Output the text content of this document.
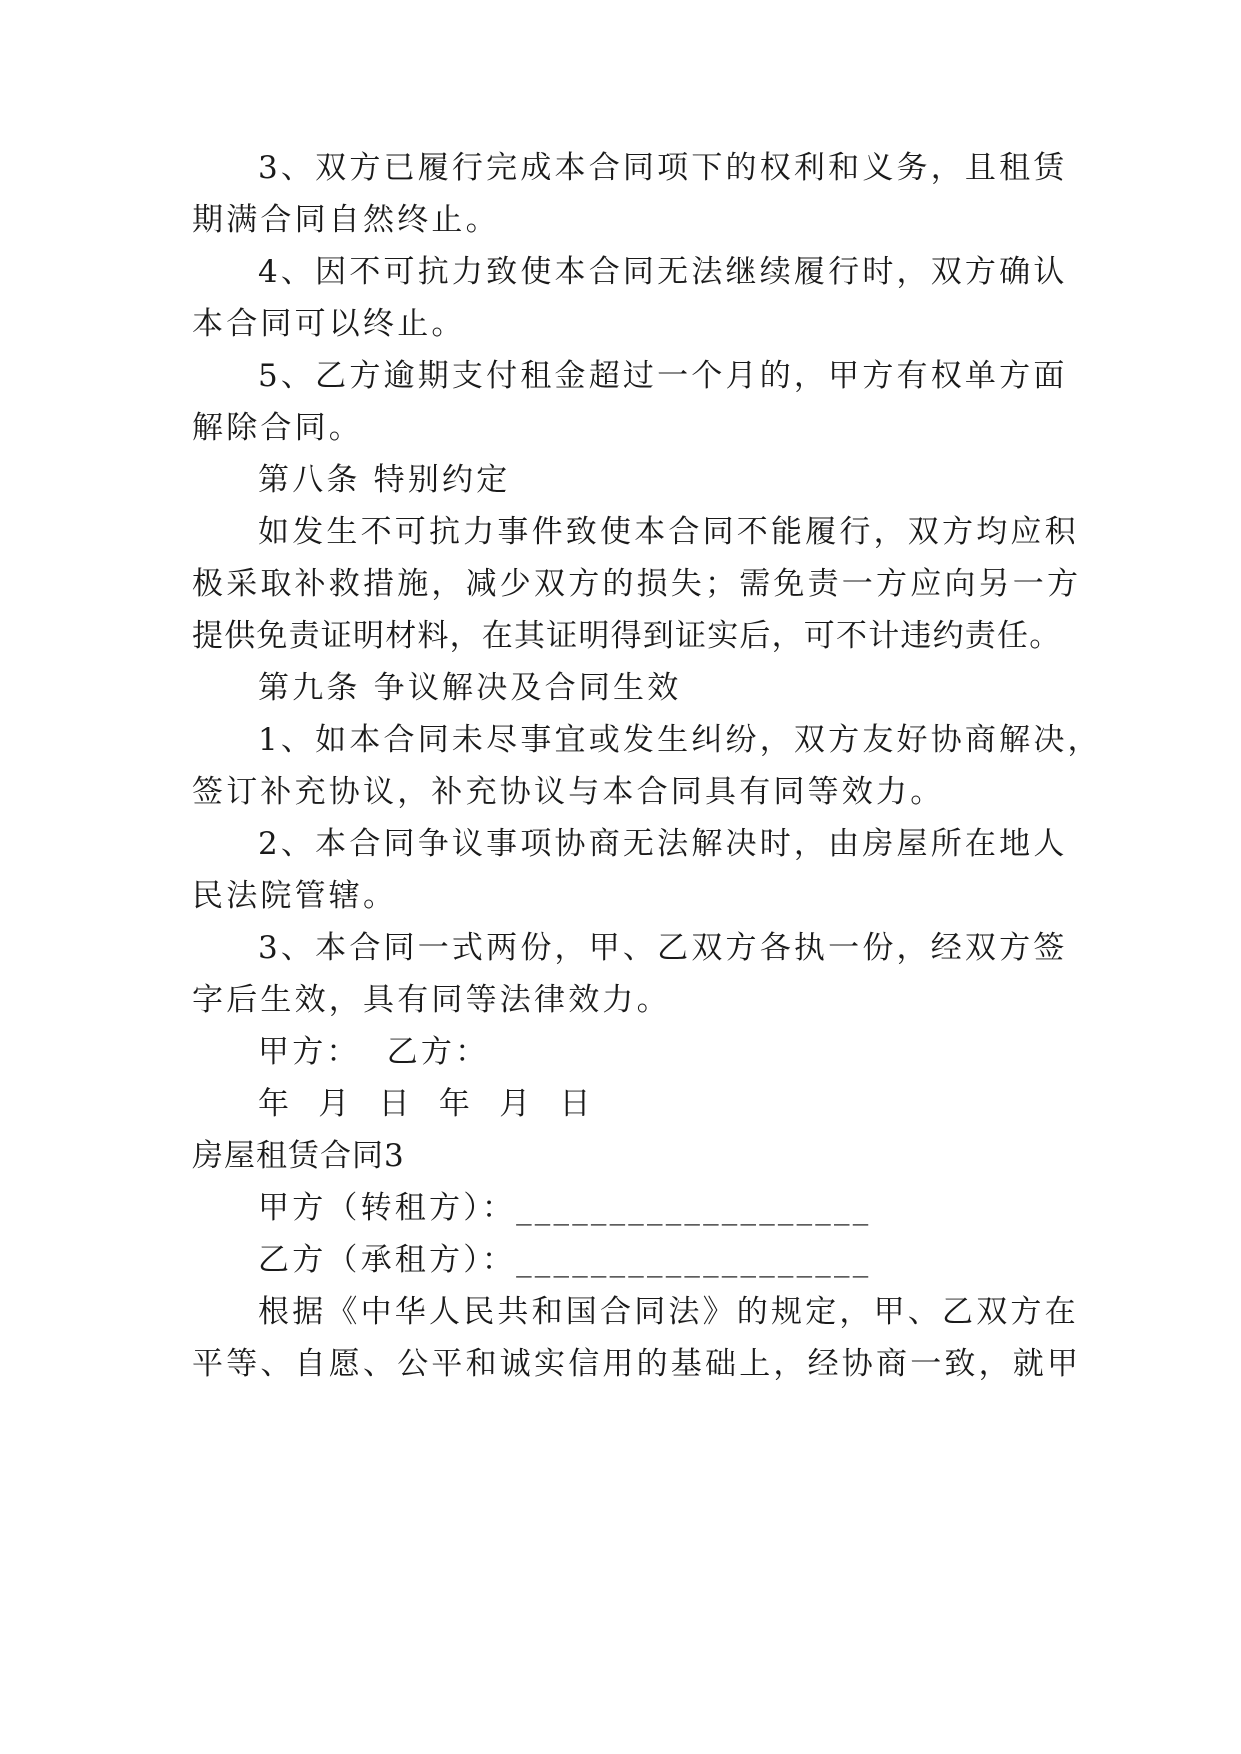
3、双方已履行完成本合同项下的权利和义务，且租赁
期满合同自然终止。
4、因不可抗力致使本合同无法继续履行时，双方确认
本合同可以终止。
5、乙方逾期支付租金超过一个月的，甲方有权单方面
解除合同。
第八条 特别约定
如发生不可抗力事件致使本合同不能履行，双方均应积
极采取补救措施，减少双方的损失；需免责一方应向另一方
提供免责证明材料，在其证明得到证实后，可不计违约责任。
第九条 争议解决及合同生效
1、如本合同未尽事宜或发生纠纷，双方友好协商解决，
签订补充协议，补充协议与本合同具有同等效力。
2、本合同争议事项协商无法解决时，由房屋所在地人
民法院管辖。
3、本合同一式两份，甲、乙双方各执一份，经双方签
字后生效，具有同等法律效力。
甲方：  乙方：
年  月  日  年  月  日
房屋租赁合同3
甲方（转租方）：___________________
乙方（承租方）：___________________
根据《中华人民共和国合同法》的规定，甲、乙双方在
平等、自愿、公平和诚实信用的基础上，经协商一致，就甲
